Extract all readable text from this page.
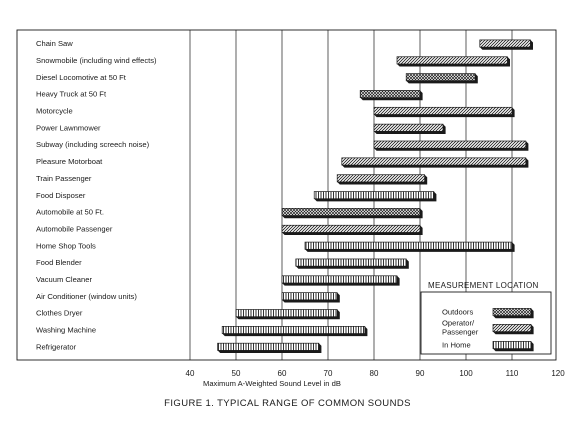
Chain Saw
Snowmobile (including wind effects)
Diesel Locomotive at 50 Ft
Heavy Truck at 50 Ft
Motorcycle
Power Lawnmower
Subway (including screech noise)
Pleasure Motorboat
Train Passenger
Food Disposer
Automobile at 50 Ft.
Automobile Passenger
Home Shop Tools
Food Blender
Vacuum Cleaner
Air Conditioner (window units)
Clothes Dryer
Washing Machine
Refrigerator
40	50	60	70	80	90	100	110	120
Maximum A-Weighted Sound Level in dB
MEASUREMENT LOCATION
Outdoors
Operator/
Passenger
In Home
FIGURE 1. TYPICAL RANGE OF COMMON SOUNDS
